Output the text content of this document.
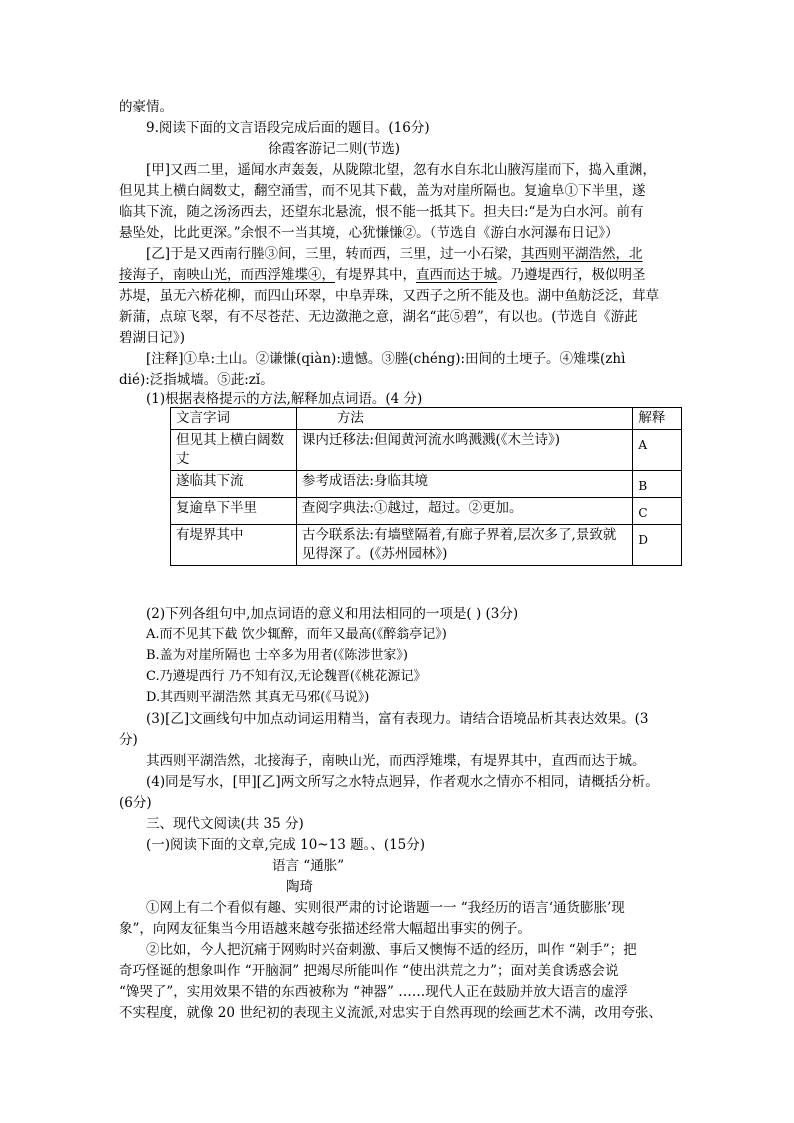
的豪情。
9.阅读下面的文言语段完成后面的题目。(16分)
徐霞客游记二则(节选)
[甲]又西二里，遥闻水声轰轰，从陇隙北望，忽有水自东北山腋泻崖而下，捣入重渊，
但见其上横白阔数丈，翻空涌雪，而不见其下截，盖为对崖所隔也。复逾阜①下半里，遂
临其下流，随之汤汤西去，还望东北悬流，恨不能一抵其下。担夫曰:“是为白水河。前有
悬坠处，比此更深。”余恨不一当其境，心犹慊慊②。（节选自《游白水河瀑布日记》）
[乙]于是又西南行塍③间，三里，转而西，三里，过一小石梁，其西则平湖浩然，北
接海子，南映山光，而西浮雉堞④，有堤界其中，直西而达于城。乃遵堤西行，极似明圣
苏堤，虽无六桥花柳，而四山环翠，中阜弄珠，又西子之所不能及也。湖中鱼舫泛泛，茸草
新蒲，点琼飞翠，有不尽苍茫、无边潋滟之意，湖名“茈⑤碧”，有以也。(节选自《游茈
碧湖日记》)
[注释]①阜:土山。②谦慊(qiàn):遗憾。③塍(chéng):田间的土埂子。④雉堞(zhì
dié):泛指城墙。⑤茈:zǐ。
(1)根据表格提示的方法,解释加点词语。(4 分)
文言字词	方法	解释
但见其上横白阔数丈	课内迁移法:但闻黄河流水鸣溅溅(《木兰诗》)	A
遂临其下流	参考成语法:身临其境	B
复逾阜下半里	查阅字典法:①越过，超过。②更加。	C
有堤界其中	古今联系法:有墙壁隔着,有廊子界着,层次多了,景致就见得深了。(《苏州园林》)	D
(2)下列各组句中,加点词语的意义和用法相同的一项是( ) (3分)
A.而不见其下截 饮少辄醉，而年又最高(《醉翁亭记》)
B.盖为对崖所隔也 士卒多为用者(《陈涉世家》)
C.乃遵堤西行 乃不知有汉,无论魏晋(《桃花源记》
D.其西则平湖浩然 其真无马邪(《马说》)
(3)[乙]文画线句中加点动词运用精当，富有表现力。请结合语境品析其表达效果。(3
分)
其西则平湖浩然，北接海子，南映山光，而西浮雉堞，有堤界其中，直西而达于城。
(4)同是写水，[甲][乙]两文所写之水特点迥异，作者观水之情亦不相同，请概括分析。
(6分)
三、现代文阅读(共 35 分)
(一)阅读下面的文章,完成 10~13 题。、(15分)
语言 “通胀”
陶琦
①网上有二个看似有趣、实则很严肃的讨论谐题一一 “我经历的语言‘通货膨胀’现
象”，向网友征集当今用语越来越夸张描述经常大幅超出事实的例子。
②比如，今人把沉痛于网购时兴奋刺激、事后又懊悔不适的经历，叫作 “剁手”；把
奇巧怪诞的想象叫作 “开脑洞” 把竭尽所能叫作 “使出洪荒之力”；面对美食诱惑会说
“馋哭了”，实用效果不错的东西被称为 “神器” ……现代人正在鼓励并放大语言的虚浮
不实程度，就像 20 世纪初的表现主义流派,对忠实于自然再现的绘画艺术不满，改用夸张、
